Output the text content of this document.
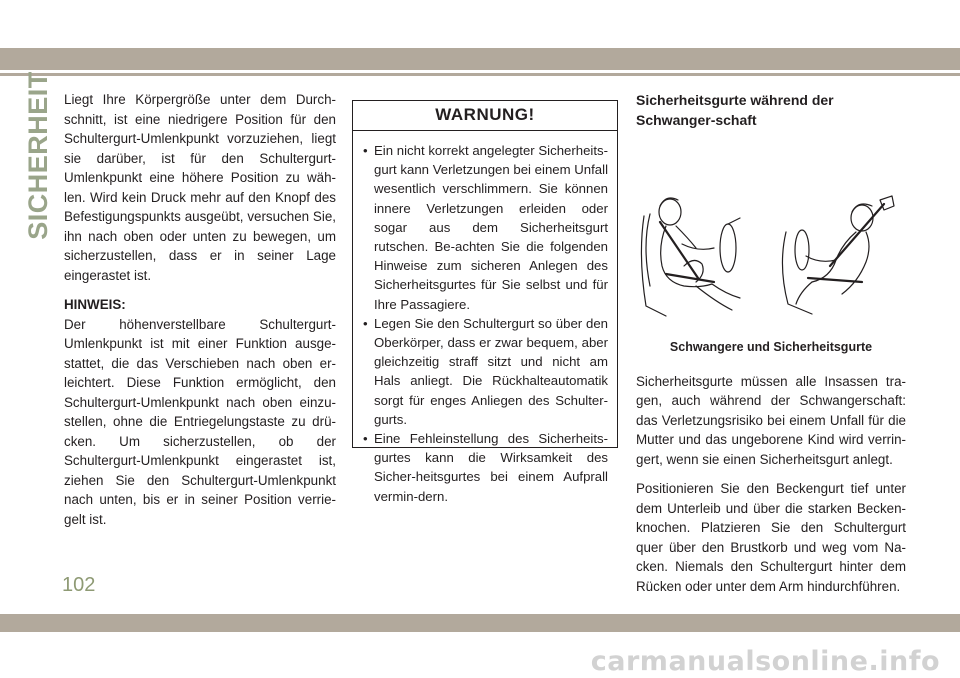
SICHERHEIT Liegt Ihre Körpergröße unter dem Durch-schnitt, ist eine niedrigere Position für den Schultergurt-Umlenkpunkt vorzuziehen, liegt sie darüber, ist für den Schultergurt-Umlenkpunkt eine höhere Position zu wäh-len. Wird kein Druck mehr auf den Knopf des Befestigungspunkts ausgeübt, versuchen Sie, ihn nach oben oder unten zu bewegen, um sicherzustellen, dass er in seiner Lage eingerastet ist.

HINWEIS:

Der höhenverstellbare Schultergurt-Umlenkpunkt ist mit einer Funktion ausge-stattet, die das Verschieben nach oben er-leichtert. Diese Funktion ermöglicht, den Schultergurt-Umlenkpunkt nach oben einzu-stellen, ohne die Entriegelungstaste zu drü-cken. Um sicherzustellen, ob der Schultergurt-Umlenkpunkt eingerastet ist, ziehen Sie den Schultergurt-Umlenkpunkt nach unten, bis er in seiner Position verrie-gelt ist.

WARNUNG!
• Ein nicht korrekt angelegter Sicherheits-gurt kann Verletzungen bei einem Unfall wesentlich verschlimmern. Sie können innere Verletzungen erleiden oder sogar aus dem Sicherheitsgurt rutschen. Be-achten Sie die folgenden Hinweise zum sicheren Anlegen des Sicherheitsgurtes für Sie selbst und für Ihre Passagiere.
• Legen Sie den Schultergurt so über den Oberkörper, dass er zwar bequem, aber gleichzeitig straff sitzt und nicht am Hals anliegt. Die Rückhalteautomatik sorgt für enges Anliegen des Schulter-gurts.
• Eine Fehleinstellung des Sicherheits-gurtes kann die Wirksamkeit des Sicher-heitsgurtes bei einem Aufprall vermin-dern.
Sicherheitsgurte während der Schwanger-schaft
Schwangere und Sicherheitsgurte

Sicherheitsgurte müssen alle Insassen tra-gen, auch während der Schwangerschaft: das Verletzungsrisiko bei einem Unfall für die Mutter und das ungeborene Kind wird verrin-gert, wenn sie einen Sicherheitsgurt anlegt.

Positionieren Sie den Beckengurt tief unter dem Unterleib und über die starken Becken-knochen. Platzieren Sie den Schultergurt quer über den Brustkorb und weg vom Na-cken. Niemals den Schultergurt hinter dem Rücken oder unter dem Arm hindurchführen.

102
carmanualsonline.info
